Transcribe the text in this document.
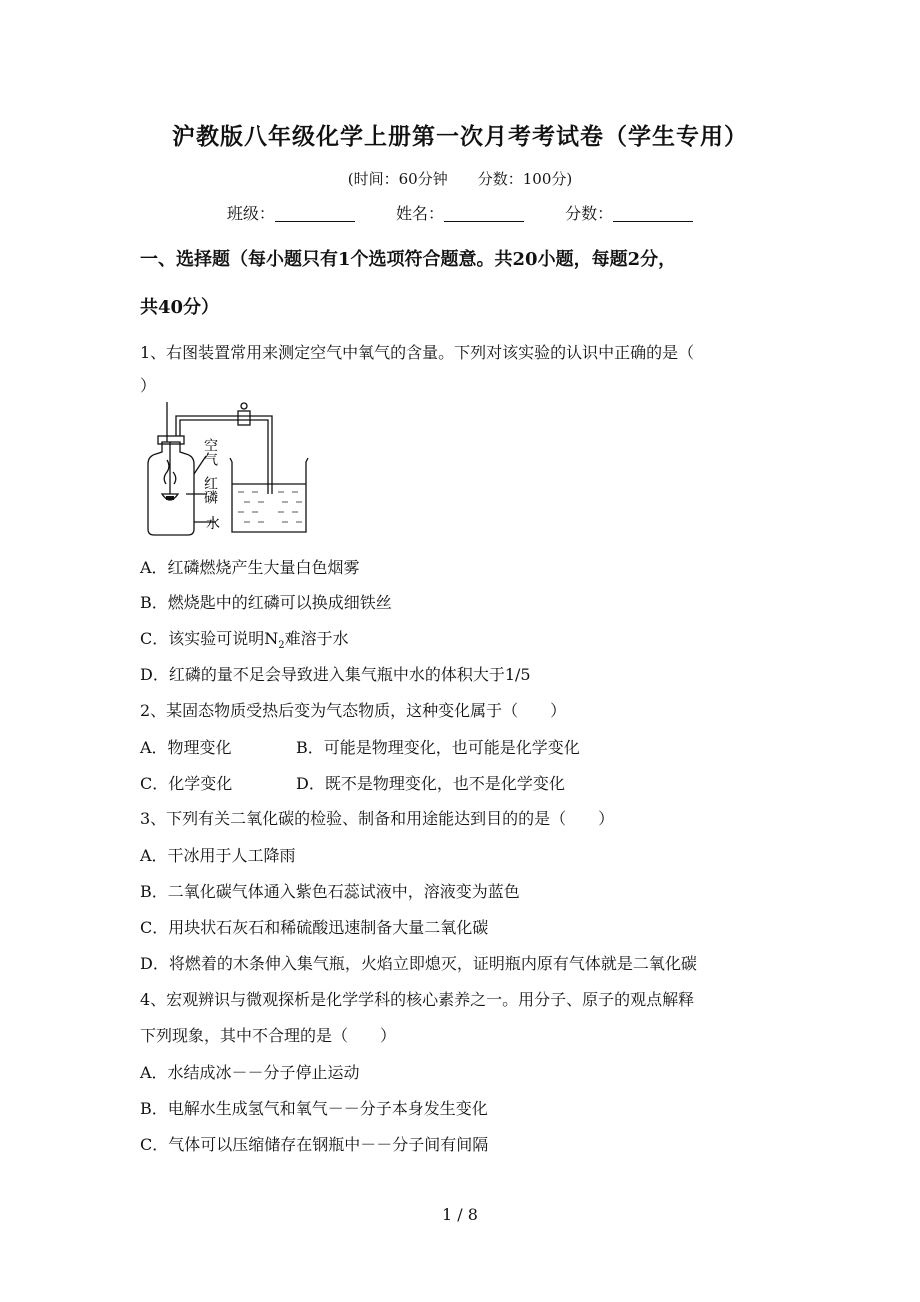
沪教版八年级化学上册第一次月考考试卷（学生专用）
(时间：60分钟 分数：100分)
班级：	姓名：	分数：
一、选择题（每小题只有1个选项符合题意。共20小题，每题2分，
共40分）
1、右图装置常用来测定空气中氧气的含量。下列对该实验的认识中正确的是（
）
空气
红磷
水
A．红磷燃烧产生大量白色烟雾
B．燃烧匙中的红磷可以换成细铁丝
C．该实验可说明$N_2$难溶于水
D．红磷的量不足会导致进入集气瓶中水的体积大于1/5
2、某固态物质受热后变为气态物质，这种变化属于（　　）
A．物理变化	B．可能是物理变化，也可能是化学变化
C．化学变化	D．既不是物理变化，也不是化学变化
3、下列有关二氧化碳的检验、制备和用途能达到目的的是（　　）
A．干冰用于人工降雨
B．二氧化碳气体通入紫色石蕊试液中，溶液变为蓝色
C．用块状石灰石和稀硫酸迅速制备大量二氧化碳
D．将燃着的木条伸入集气瓶，火焰立即熄灭，证明瓶内原有气体就是二氧化碳
4、宏观辨识与微观探析是化学学科的核心素养之一。用分子、原子的观点解释
下列现象，其中不合理的是（　　）
A．水结成冰－－分子停止运动
B．电解水生成氢气和氧气－－分子本身发生变化
C．气体可以压缩储存在钢瓶中－－分子间有间隔
1 / 8
